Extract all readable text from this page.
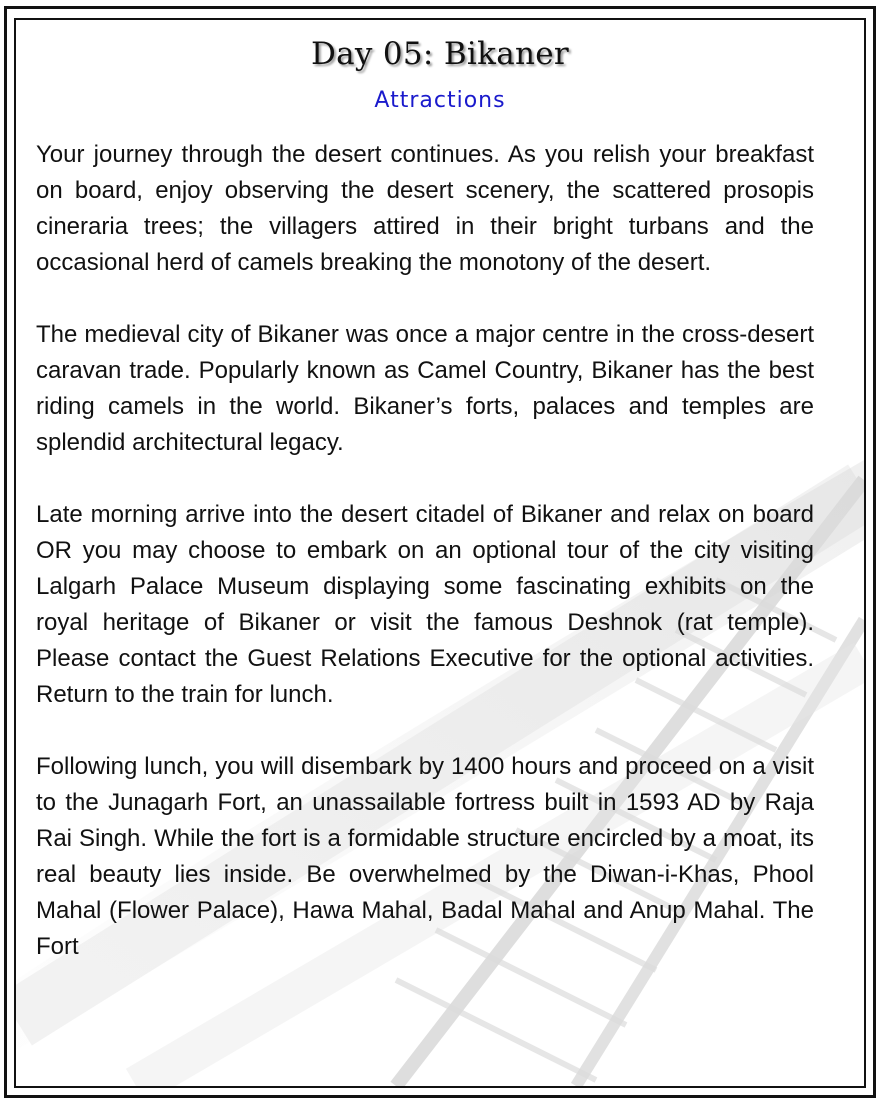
Day 05: Bikaner
Attractions

Your journey through the desert continues. As you relish your breakfast on board, enjoy observing the desert scenery, the scattered prosopis cineraria trees; the villagers attired in their bright turbans and the occasional herd of camels breaking the monotony of the desert.

The medieval city of Bikaner was once a major centre in the cross-desert caravan trade. Popularly known as Camel Country, Bikaner has the best riding camels in the world. Bikaner’s forts, palaces and temples are splendid architectural legacy.

Late morning arrive into the desert citadel of Bikaner and relax on board OR you may choose to embark on an optional tour of the city visiting Lalgarh Palace Museum displaying some fascinating exhibits on the royal heritage of Bikaner or visit the famous Deshnok (rat temple). Please contact the Guest Relations Executive for the optional activities. Return to the train for lunch.

Following lunch, you will disembark by 1400 hours and proceed on a visit to the Junagarh Fort, an unassailable fortress built in 1593 AD by Raja Rai Singh. While the fort is a formidable structure encircled by a moat, its real beauty lies inside. Be overwhelmed by the Diwan-i-Khas, Phool Mahal (Flower Palace), Hawa Mahal, Badal Mahal and Anup Mahal. The Fort
